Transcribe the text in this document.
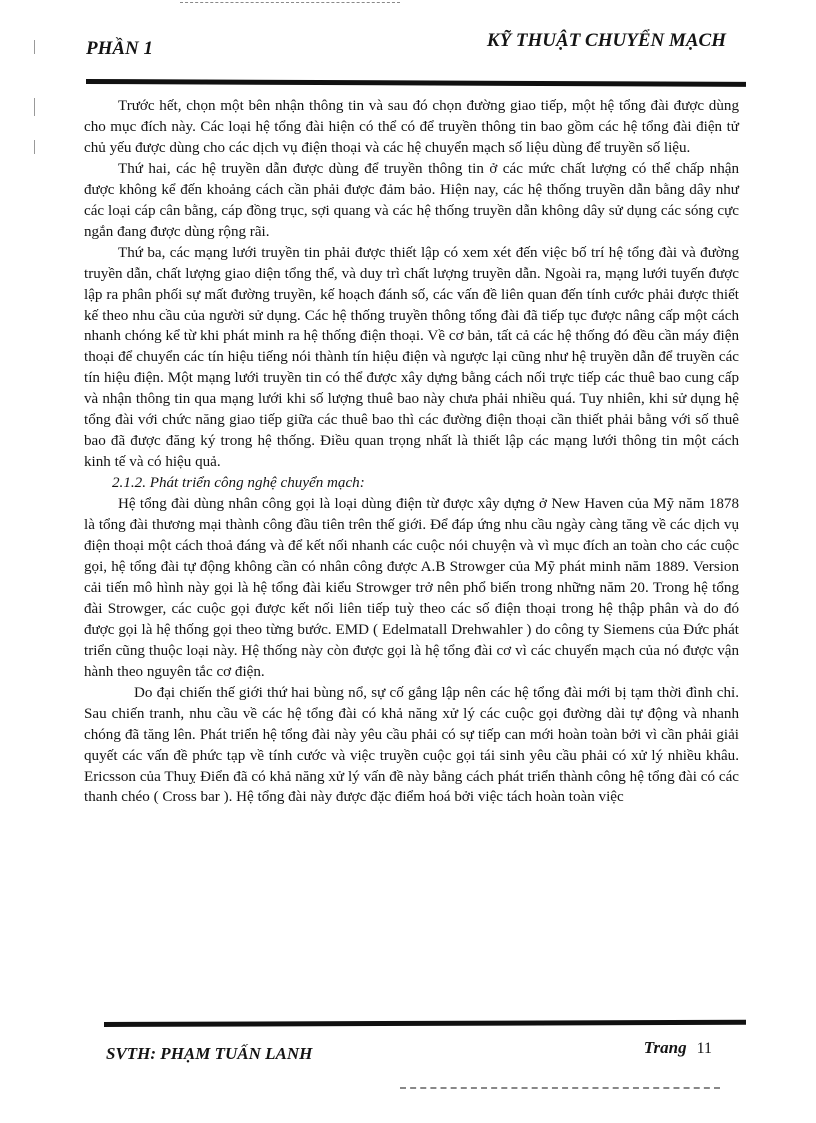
PHẦN 1	KỸ THUẬT CHUYỂN MẠCH

Trước hết, chọn một bên nhận thông tin và sau đó chọn đường giao tiếp, một hệ tổng đài được dùng cho mục đích này. Các loại hệ tổng đài hiện có thể có để truyền thông tin bao gồm các hệ tổng đài điện tử chủ yếu được dùng cho các dịch vụ điện thoại và các hệ chuyển mạch số liệu dùng để truyền số liệu.

Thứ hai, các hệ truyền dẫn được dùng để truyền thông tin ở các mức chất lượng có thể chấp nhận được không kể đến khoảng cách cần phải được đảm bảo. Hiện nay, các hệ thống truyền dẫn bằng dây như các loại cáp cân bằng, cáp đồng trục, sợi quang và các hệ thống truyền dẫn không dây sử dụng các sóng cực ngắn đang được dùng rộng rãi.

Thứ ba, các mạng lưới truyền tin phải được thiết lập có xem xét đến việc bố trí hệ tổng đài và đường truyền dẫn, chất lượng giao diện tổng thể, và duy trì chất lượng truyền dẫn. Ngoài ra, mạng lưới tuyến được lập ra phân phối sự mất đường truyền, kế hoạch đánh số, các vấn đề liên quan đến tính cước phải được thiết kế theo nhu cầu của người sử dụng. Các hệ thống truyền thông tổng đài đã tiếp tục được nâng cấp một cách nhanh chóng kể từ khi phát minh ra hệ thống điện thoại. Về cơ bản, tất cả các hệ thống đó đều cần máy điện thoại để chuyển các tín hiệu tiếng nói thành tín hiệu điện và ngược lại cũng như hệ truyền dẫn để truyền các tín hiệu điện. Một mạng lưới truyền tin có thể được xây dựng bằng cách nối trực tiếp các thuê bao cung cấp và nhận thông tin qua mạng lưới khi số lượng thuê bao này chưa phải nhiều quá. Tuy nhiên, khi sử dụng hệ tổng đài với chức năng giao tiếp giữa các thuê bao thì các đường điện thoại cần thiết phải bằng với số thuê bao đã được đăng ký trong hệ thống. Điều quan trọng nhất là thiết lập các mạng lưới thông tin một cách kinh tế và có hiệu quả.

2.1.2. Phát triển công nghệ chuyển mạch:

Hệ tổng đài dùng nhân công gọi là loại dùng điện từ được xây dựng ở New Haven của Mỹ năm 1878 là tổng đài thương mại thành công đầu tiên trên thế giới. Để đáp ứng nhu cầu ngày càng tăng về các dịch vụ điện thoại một cách thoả đáng và để kết nối nhanh các cuộc nói chuyện và vì mục đích an toàn cho các cuộc gọi, hệ tổng đài tự động không cần có nhân công được A.B Strowger của Mỹ phát minh năm 1889. Version cải tiến mô hình này gọi là hệ tổng đài kiểu Strowger trở nên phổ biến trong những năm 20. Trong hệ tổng đài Strowger, các cuộc gọi được kết nối liên tiếp tuỳ theo các số điện thoại trong hệ thập phân và do đó được gọi là hệ thống gọi theo từng bước. EMD ( Edelmatall Drehwahler ) do công ty Siemens của Đức phát triển cũng thuộc loại này. Hệ thống này còn được gọi là hệ tổng đài cơ vì các chuyển mạch của nó được vận hành theo nguyên tắc cơ điện.

Do đại chiến thế giới thứ hai bùng nổ, sự cố gắng lập nên các hệ tổng đài mới bị tạm thời đình chỉ. Sau chiến tranh, nhu cầu về các hệ tổng đài có khả năng xử lý các cuộc gọi đường dài tự động và nhanh chóng đã tăng lên. Phát triển hệ tổng đài này yêu cầu phải có sự tiếp can mới hoàn toàn bởi vì cần phải giải quyết các vấn đề phức tạp về tính cước và việc truyền cuộc gọi tái sinh yêu cầu phải có xử lý nhiều khâu. Ericsson của Thuỵ Điển đã có khả năng xử lý vấn đề này bằng cách phát triển thành công hệ tổng đài có các thanh chéo ( Cross bar ). Hệ tổng đài này được đặc điểm hoá bởi việc tách hoàn toàn việc

SVTH: PHẠM TUẤN LANH	Trang 11
